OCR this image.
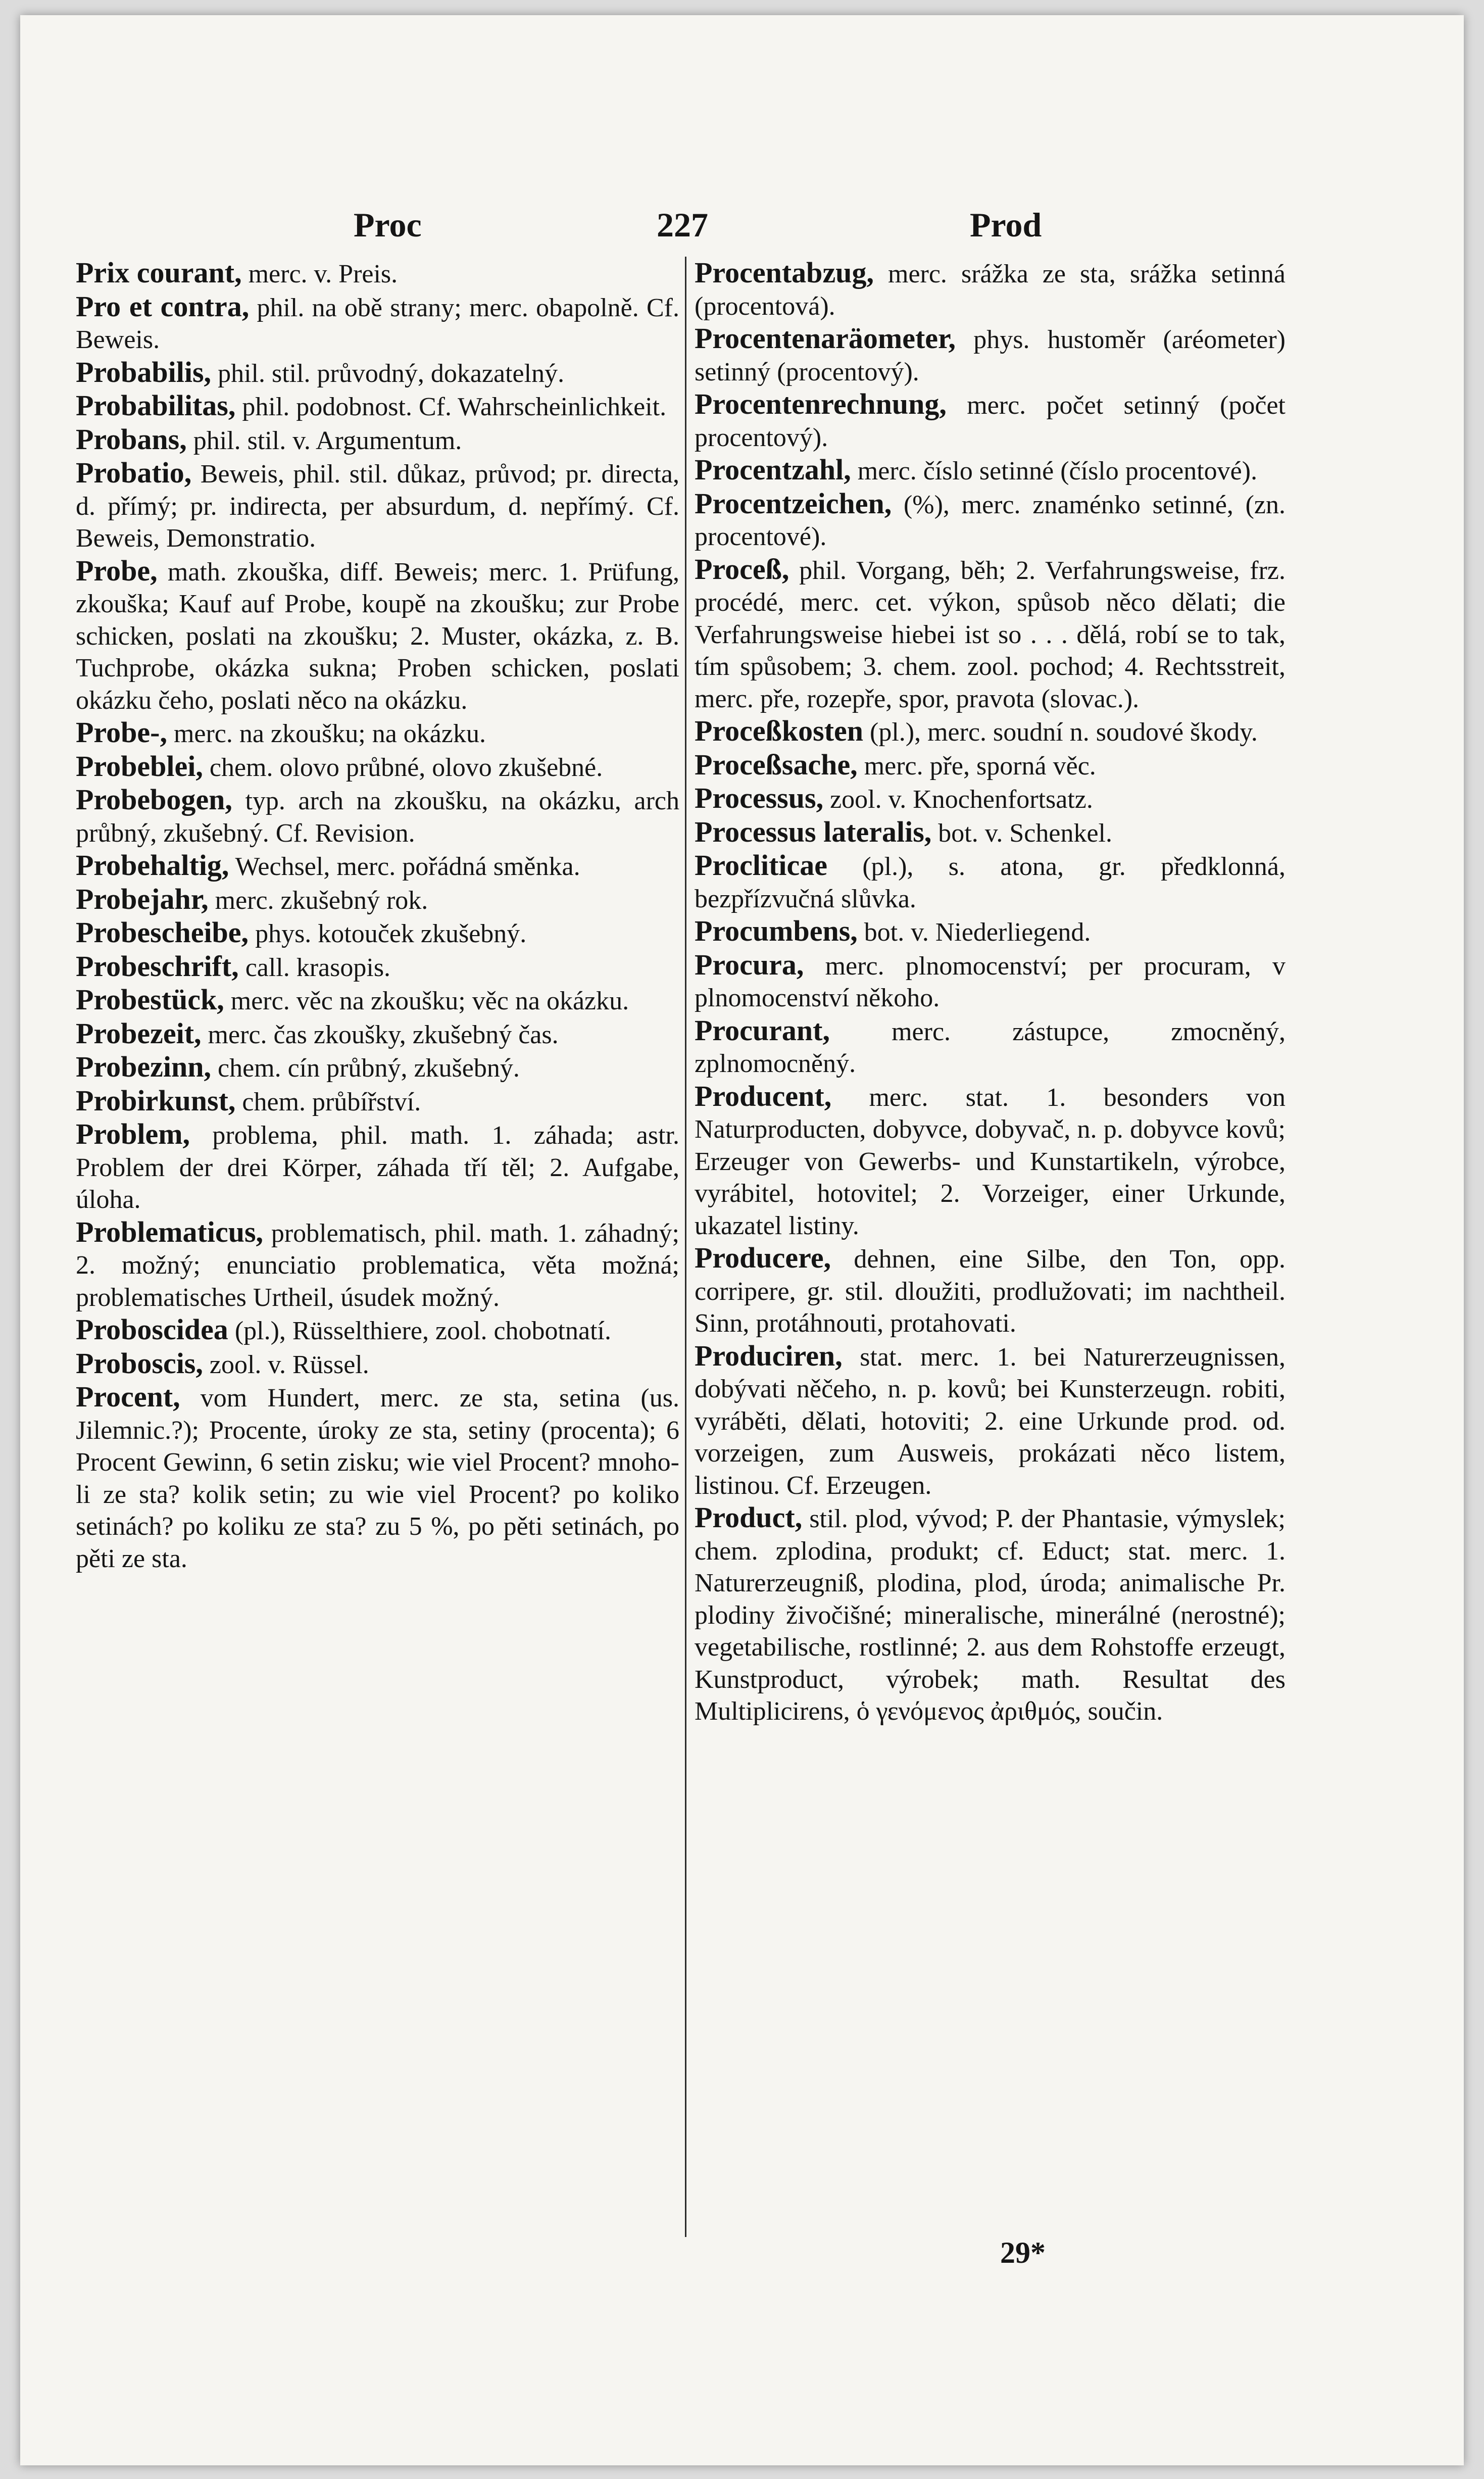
Proc	227	Prod

Prix courant, merc. v. Preis.

Pro et contra, phil. na obě strany; merc. obapolně. Cf. Beweis.

Probabilis, phil. stil. průvodný, dokazatelný.

Probabilitas, phil. podobnost. Cf. Wahrscheinlichkeit.

Probans, phil. stil. v. Argumentum.

Probatio, Beweis, phil. stil. důkaz, průvod; pr. directa, d. přímý; pr. indirecta, per absurdum, d. nepřímý. Cf. Beweis, Demonstratio.

Probe, math. zkouška, diff. Beweis; merc. 1. Prüfung, zkouška; Kauf auf Probe, koupě na zkoušku; zur Probe schicken, poslati na zkoušku; 2. Muster, okázka, z. B. Tuchprobe, okázka sukna; Proben schicken, poslati okázku čeho, poslati něco na okázku.

Probe-, merc. na zkoušku; na okázku.

Probeblei, chem. olovo průbné, olovo zkušebné.

Probebogen, typ. arch na zkoušku, na okázku, arch průbný, zkušebný. Cf. Revision.

Probehaltig, Wechsel, merc. pořádná směnka.

Probejahr, merc. zkušebný rok.

Probescheibe, phys. kotouček zkušebný.

Probeschrift, call. krasopis.

Probestück, merc. věc na zkoušku; věc na okázku.

Probezeit, merc. čas zkoušky, zkušebný čas.

Probezinn, chem. cín průbný, zkušebný.

Probirkunst, chem. průbířství.

Problem, problema, phil. math. 1. záhada; astr. Problem der drei Körper, záhada tří těl; 2. Aufgabe, úloha.

Problematicus, problematisch, phil. math. 1. záhadný; 2. možný; enunciatio problematica, věta možná; problematisches Urtheil, úsudek možný.

Proboscidea (pl.), Rüsselthiere, zool. chobotnatí.

Proboscis, zool. v. Rüssel.

Procent, vom Hundert, merc. ze sta, setina (us. Jilemnic.?); Procente, úroky ze sta, setiny (procenta); 6 Procent Gewinn, 6 setin zisku; wie viel Procent? mnoho-li ze sta? kolik setin; zu wie viel Procent? po koliko setinách? po koliku ze sta? zu 5 %, po pěti setinách, po pěti ze sta.

Procentabzug, merc. srážka ze sta, srážka setinná (procentová).

Procentenaräometer, phys. hustoměr (aréometer) setinný (procentový).

Procentenrechnung, merc. počet setinný (počet procentový).

Procentzahl, merc. číslo setinné (číslo procentové).

Procentzeichen, (%), merc. znaménko setinné, (zn. procentové).

Proceß, phil. Vorgang, běh; 2. Verfahrungsweise, frz. procédé, merc. cet. výkon, spůsob něco dělati; die Verfahrungsweise hiebei ist so . . . dělá, robí se to tak, tím spůsobem; 3. chem. zool. pochod; 4. Rechtsstreit, merc. pře, rozepře, spor, pravota (slovac.).

Proceßkosten (pl.), merc. soudní n. soudové škody.

Proceßsache, merc. pře, sporná věc.

Processus, zool. v. Knochenfortsatz.

Processus lateralis, bot. v. Schenkel.

Procliticae (pl.), s. atona, gr. předklonná, bezpřízvučná slůvka.

Procumbens, bot. v. Niederliegend.

Procura, merc. plnomocenství; per procuram, v plnomocenství někoho.

Procurant, merc. zástupce, zmocněný, zplnomocněný.

Producent, merc. stat. 1. besonders von Naturproducten, dobyvce, dobyvač, n. p. dobyvce kovů; Erzeuger von Gewerbs- und Kunstartikeln, výrobce, vyrábitel, hotovitel; 2. Vorzeiger, einer Urkunde, ukazatel listiny.

Producere, dehnen, eine Silbe, den Ton, opp. corripere, gr. stil. dloužiti, prodlužovati; im nachtheil. Sinn, protáhnouti, protahovati.

Produciren, stat. merc. 1. bei Naturerzeugnissen, dobývati něčeho, n. p. kovů; bei Kunsterzeugn. robiti, vyráběti, dělati, hotoviti; 2. eine Urkunde prod. od. vorzeigen, zum Ausweis, prokázati něco listem, listinou. Cf. Erzeugen.

Product, stil. plod, vývod; P. der Phantasie, výmyslek; chem. zplodina, produkt; cf. Educt; stat. merc. 1. Naturerzeugniß, plodina, plod, úroda; animalische Pr. plodiny živočišné; mineralische, minerálné (nerostné); vegetabilische, rostlinné; 2. aus dem Rohstoffe erzeugt, Kunstproduct, výrobek; math. Resultat des Multiplicirens, ὁ γενόμενος ἀριθμός, součin.

29*
